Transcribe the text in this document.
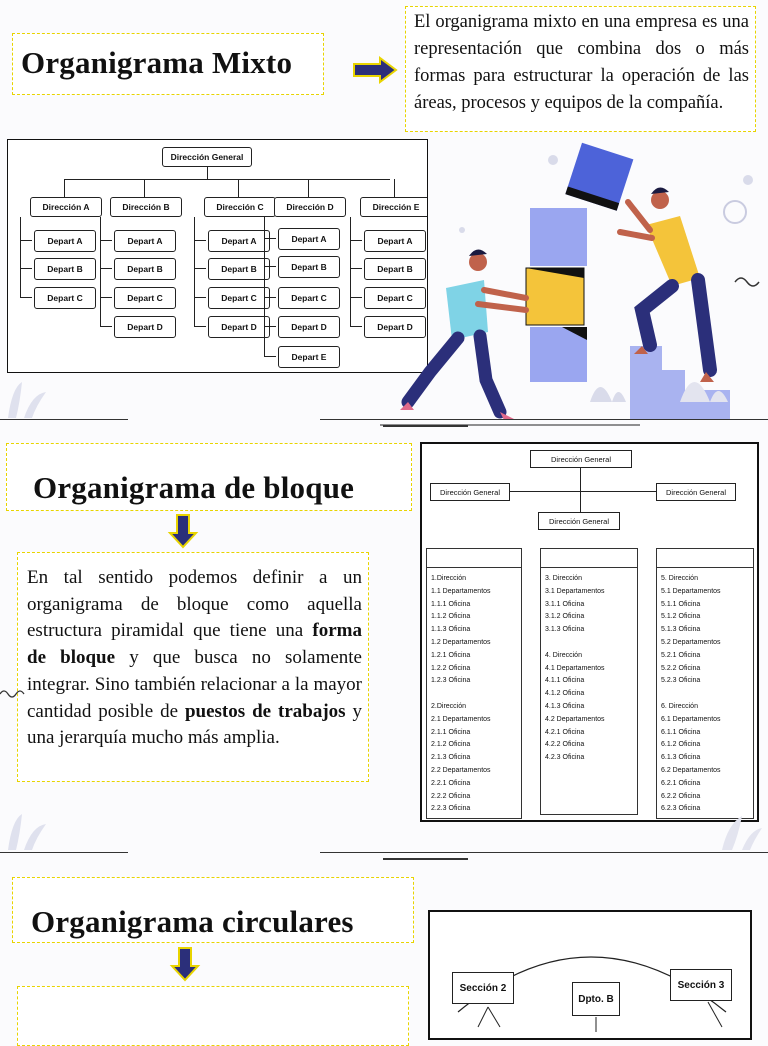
Organigrama Mixto
El organigrama mixto en una empresa es una representación que combina dos o más formas para estructurar la operación de las áreas, procesos y equipos de la compañía.
Dirección General
Dirección A
Depart A
Depart B
Depart C
Dirección B
Depart A
Depart B
Depart C
Depart D
Dirección C
Depart A
Depart B
Depart C
Depart D
Dirección D
Depart A
Depart B
Depart C
Depart D
Depart E
Dirección E
Depart A
Depart B
Depart C
Depart D
Organigrama de bloque
En tal sentido podemos definir a un organigrama de bloque como aquella estructura piramidal que tiene una forma de bloque y que busca no solamente integrar. Sino también relacionar a la mayor cantidad posible de puestos de trabajos y una jerarquía mucho más amplia.
Dirección General
Dirección General	Dirección General
Dirección General
1.Dirección
1.1 Departamentos
1.1.1 Oficina
1.1.2 Oficina
1.1.3 Oficina
1.2 Departamentos
1.2.1 Oficina
1.2.2 Oficina
1.2.3 Oficina

2.Dirección
2.1 Departamentos
2.1.1 Oficina
2.1.2 Oficina
2.1.3 Oficina
2.2 Departamentos
2.2.1 Oficina
2.2.2 Oficina
2.2.3 Oficina
3. Dirección
3.1 Departamentos
3.1.1 Oficina
3.1.2 Oficina
3.1.3 Oficina

4. Dirección
4.1 Departamentos
4.1.1 Oficina
4.1.2 Oficina
4.1.3 Oficina
4.2 Departamentos
4.2.1 Oficina
4.2.2 Oficina
4.2.3 Oficina
5. Dirección
5.1 Departamentos
5.1.1 Oficina
5.1.2 Oficina
5.1.3 Oficina
5.2 Departamentos
5.2.1 Oficina
5.2.2 Oficina
5.2.3 Oficina

6. Dirección
6.1 Departamentos
6.1.1 Oficina
6.1.2 Oficina
6.1.3 Oficina
6.2 Departamentos
6.2.1 Oficina
6.2.2 Oficina
6.2.3 Oficina
Organigrama circulares
Sección 2
Dpto. B
Sección 3
